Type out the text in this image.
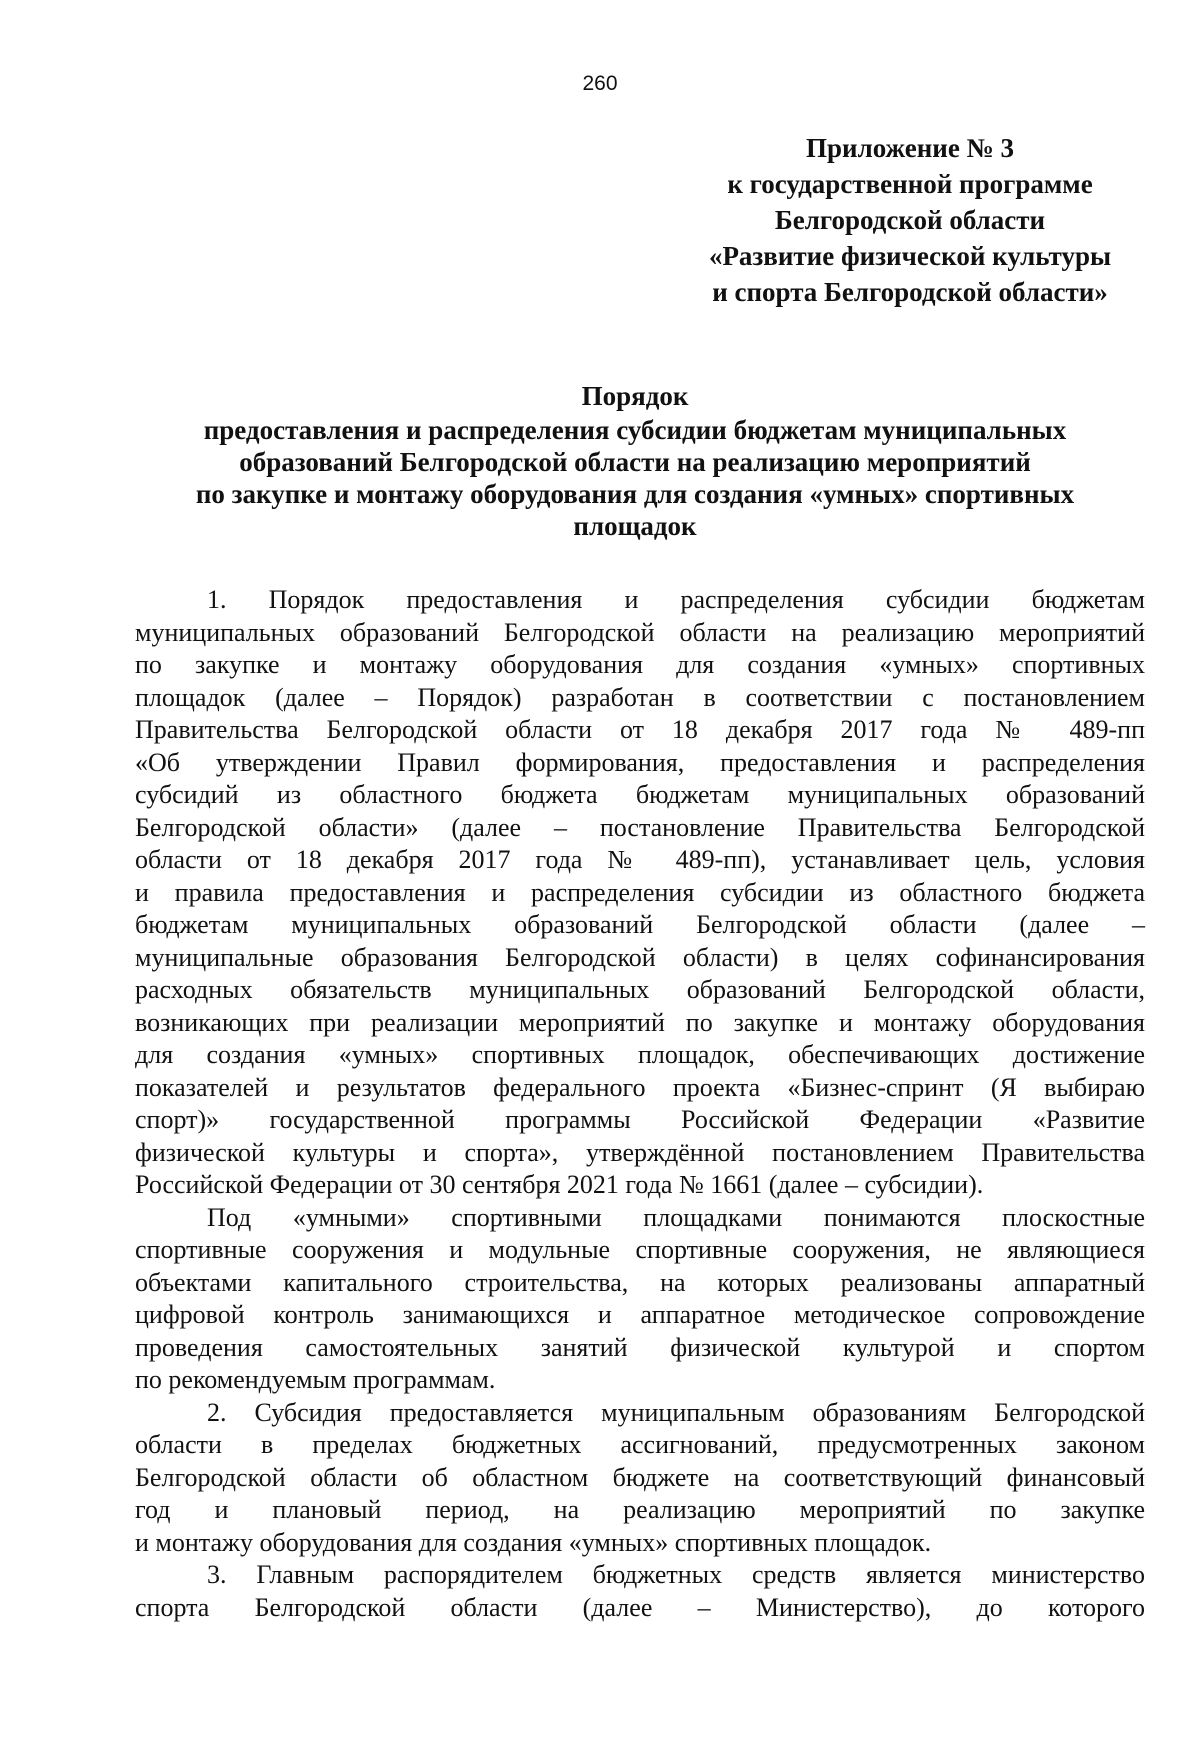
260
Приложение № 3
к государственной программе
Белгородской области
«Развитие физической культуры
и спорта Белгородской области»
Порядок
предоставления и распределения субсидии бюджетам муниципальных
образований Белгородской области на реализацию мероприятий
по закупке и монтажу оборудования для создания «умных» спортивных
площадок
1. Порядок предоставления и распределения субсидии бюджетам
муниципальных образований Белгородской области на реализацию мероприятий
по закупке и монтажу оборудования для создания «умных» спортивных
площадок (далее – Порядок) разработан в соответствии с постановлением
Правительства Белгородской области от 18 декабря 2017 года № 489-пп
«Об утверждении Правил формирования, предоставления и распределения
субсидий из областного бюджета бюджетам муниципальных образований
Белгородской области» (далее – постановление Правительства Белгородской
области от 18 декабря 2017 года № 489-пп), устанавливает цель, условия
и правила предоставления и распределения субсидии из областного бюджета
бюджетам муниципальных образований Белгородской области (далее –
муниципальные образования Белгородской области) в целях софинансирования
расходных обязательств муниципальных образований Белгородской области,
возникающих при реализации мероприятий по закупке и монтажу оборудования
для создания «умных» спортивных площадок, обеспечивающих достижение
показателей и результатов федерального проекта «Бизнес-спринт (Я выбираю
спорт)» государственной программы Российской Федерации «Развитие
физической культуры и спорта», утверждённой постановлением Правительства
Российской Федерации от 30 сентября 2021 года № 1661 (далее – субсидии).
Под «умными» спортивными площадками понимаются плоскостные
спортивные сооружения и модульные спортивные сооружения, не являющиеся
объектами капитального строительства, на которых реализованы аппаратный
цифровой контроль занимающихся и аппаратное методическое сопровождение
проведения самостоятельных занятий физической культурой и спортом
по рекомендуемым программам.
2. Субсидия предоставляется муниципальным образованиям Белгородской
области в пределах бюджетных ассигнований, предусмотренных законом
Белгородской области об областном бюджете на соответствующий финансовый
год и плановый период, на реализацию мероприятий по закупке
и монтажу оборудования для создания «умных» спортивных площадок.
3. Главным распорядителем бюджетных средств является министерство
спорта Белгородской области (далее – Министерство), до которого
